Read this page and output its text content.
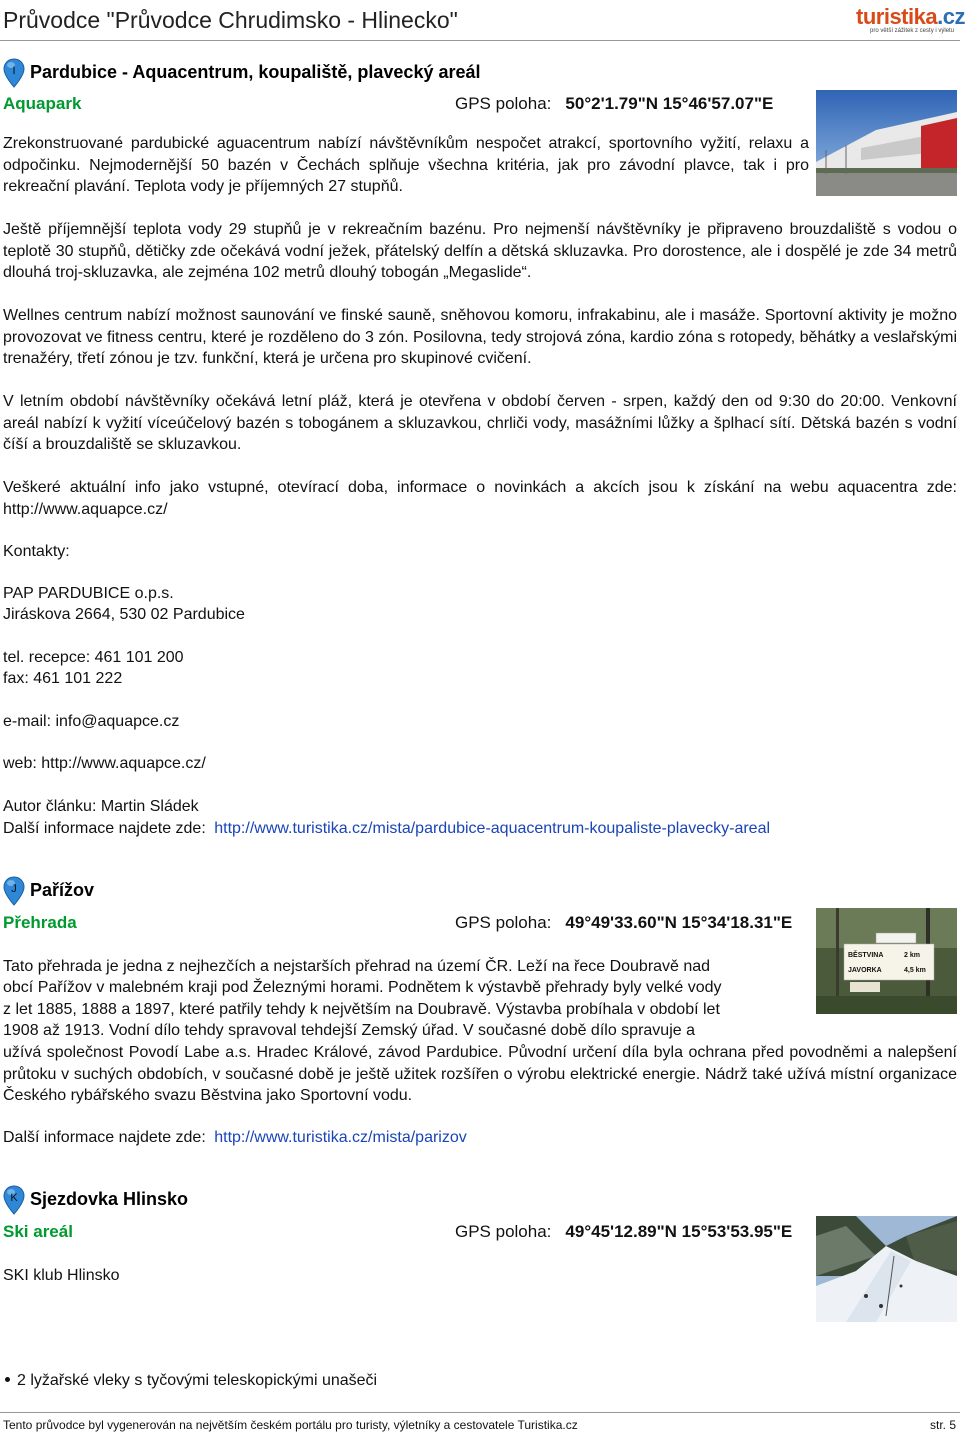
Průvodce "Průvodce Chrudimsko - Hlinecko"	turistika.cz
pro větší zážitek z cesty i výletu
I Pardubice - Aquacentrum, koupaliště, plavecký areál
Aquapark	GPS poloha: 50°2'1.79"N 15°46'57.07"E
Zrekonstruované pardubické aguacentrum nabízí návštěvníkům nespočet atrakcí, sportovního vyžití, relaxu a odpočinku. Nejmodernější 50 bazén v Čechách splňuje všechna kritéria, jak pro závodní plavce, tak i pro rekreační plavání. Teplota vody je příjemných 27 stupňů.
Ještě příjemnější teplota vody 29 stupňů je v rekreačním bazénu. Pro nejmenší návštěvníky je připraveno brouzdaliště s vodou o teplotě 30 stupňů, dětičky zde očekává vodní ježek, přátelský delfín a dětská skluzavka. Pro dorostence, ale i dospělé je zde 34 metrů dlouhá troj-skluzavka, ale zejména 102 metrů dlouhý tobogán „Megaslide“.
Wellnes centrum nabízí možnost saunování ve finské sauně, sněhovou komoru, infrakabinu, ale i masáže. Sportovní aktivity je možno provozovat ve fitness centru, které je rozděleno do 3 zón. Posilovna, tedy strojová zóna, kardio zóna s rotopedy, běhátky a veslařskými trenažéry, třetí zónou je tzv. funkční, která je určena pro skupinové cvičení.
V letním období návštěvníky očekává letní pláž, která je otevřena v období červen - srpen, každý den od 9:30 do 20:00. Venkovní areál nabízí k vyžití víceúčelový bazén s tobogánem a skluzavkou, chrliči vody, masážními lůžky a šplhací sítí. Dětská bazén s vodní číší a brouzdaliště se skluzavkou.
Veškeré aktuální info jako vstupné, otevírací doba, informace o novinkách a akcích jsou k získání na webu aquacentra zde: http://www.aquapce.cz/
Kontakty:
PAP PARDUBICE o.p.s.
Jiráskova 2664, 530 02 Pardubice
tel. recepce: 461 101 200
fax: 461 101 222
e-mail: info@aquapce.cz
web: http://www.aquapce.cz/
Autor článku: Martin Sládek
Další informace najdete zde: http://www.turistika.cz/mista/pardubice-aquacentrum-koupaliste-plavecky-areal
J Pařížov
Přehrada	GPS poloha: 49°49'33.60"N 15°34'18.31"E
BĚSTVINA	2 km
JAVORKA	4,5 km
Tato přehrada je jedna z nejhezčích a nejstarších přehrad na území ČR. Leží na řece Doubravě nad
obcí Pařížov v malebném kraji pod Železnými horami. Podnětem k výstavbě přehrady byly velké vody
z let 1885, 1888 a 1897, které patřily tehdy k největším na Doubravě. Výstavba probíhala v období let
1908 až 1913. Vodní dílo tehdy spravoval tehdejší Zemský úřad. V současné době dílo spravuje a
užívá společnost Povodí Labe a.s. Hradec Králové, závod Pardubice. Původní určení díla byla ochrana před povodněmi a nalepšení průtoku v suchých obdobích, v současné době je ještě užitek rozšířen o výrobu elektrické energie. Nádrž také užívá místní organizace Českého rybářského svazu Běstvina jako Sportovní vodu.
Další informace najdete zde: http://www.turistika.cz/mista/parizov
K Sjezdovka Hlinsko
Ski areál	GPS poloha: 49°45'12.89"N 15°53'53.95"E
SKI klub Hlinsko
2 lyžařské vleky s tyčovými teleskopickými unašeči
Tento průvodce byl vygenerován na největším českém portálu pro turisty, výletníky a cestovatele Turistika.cz	str. 5
